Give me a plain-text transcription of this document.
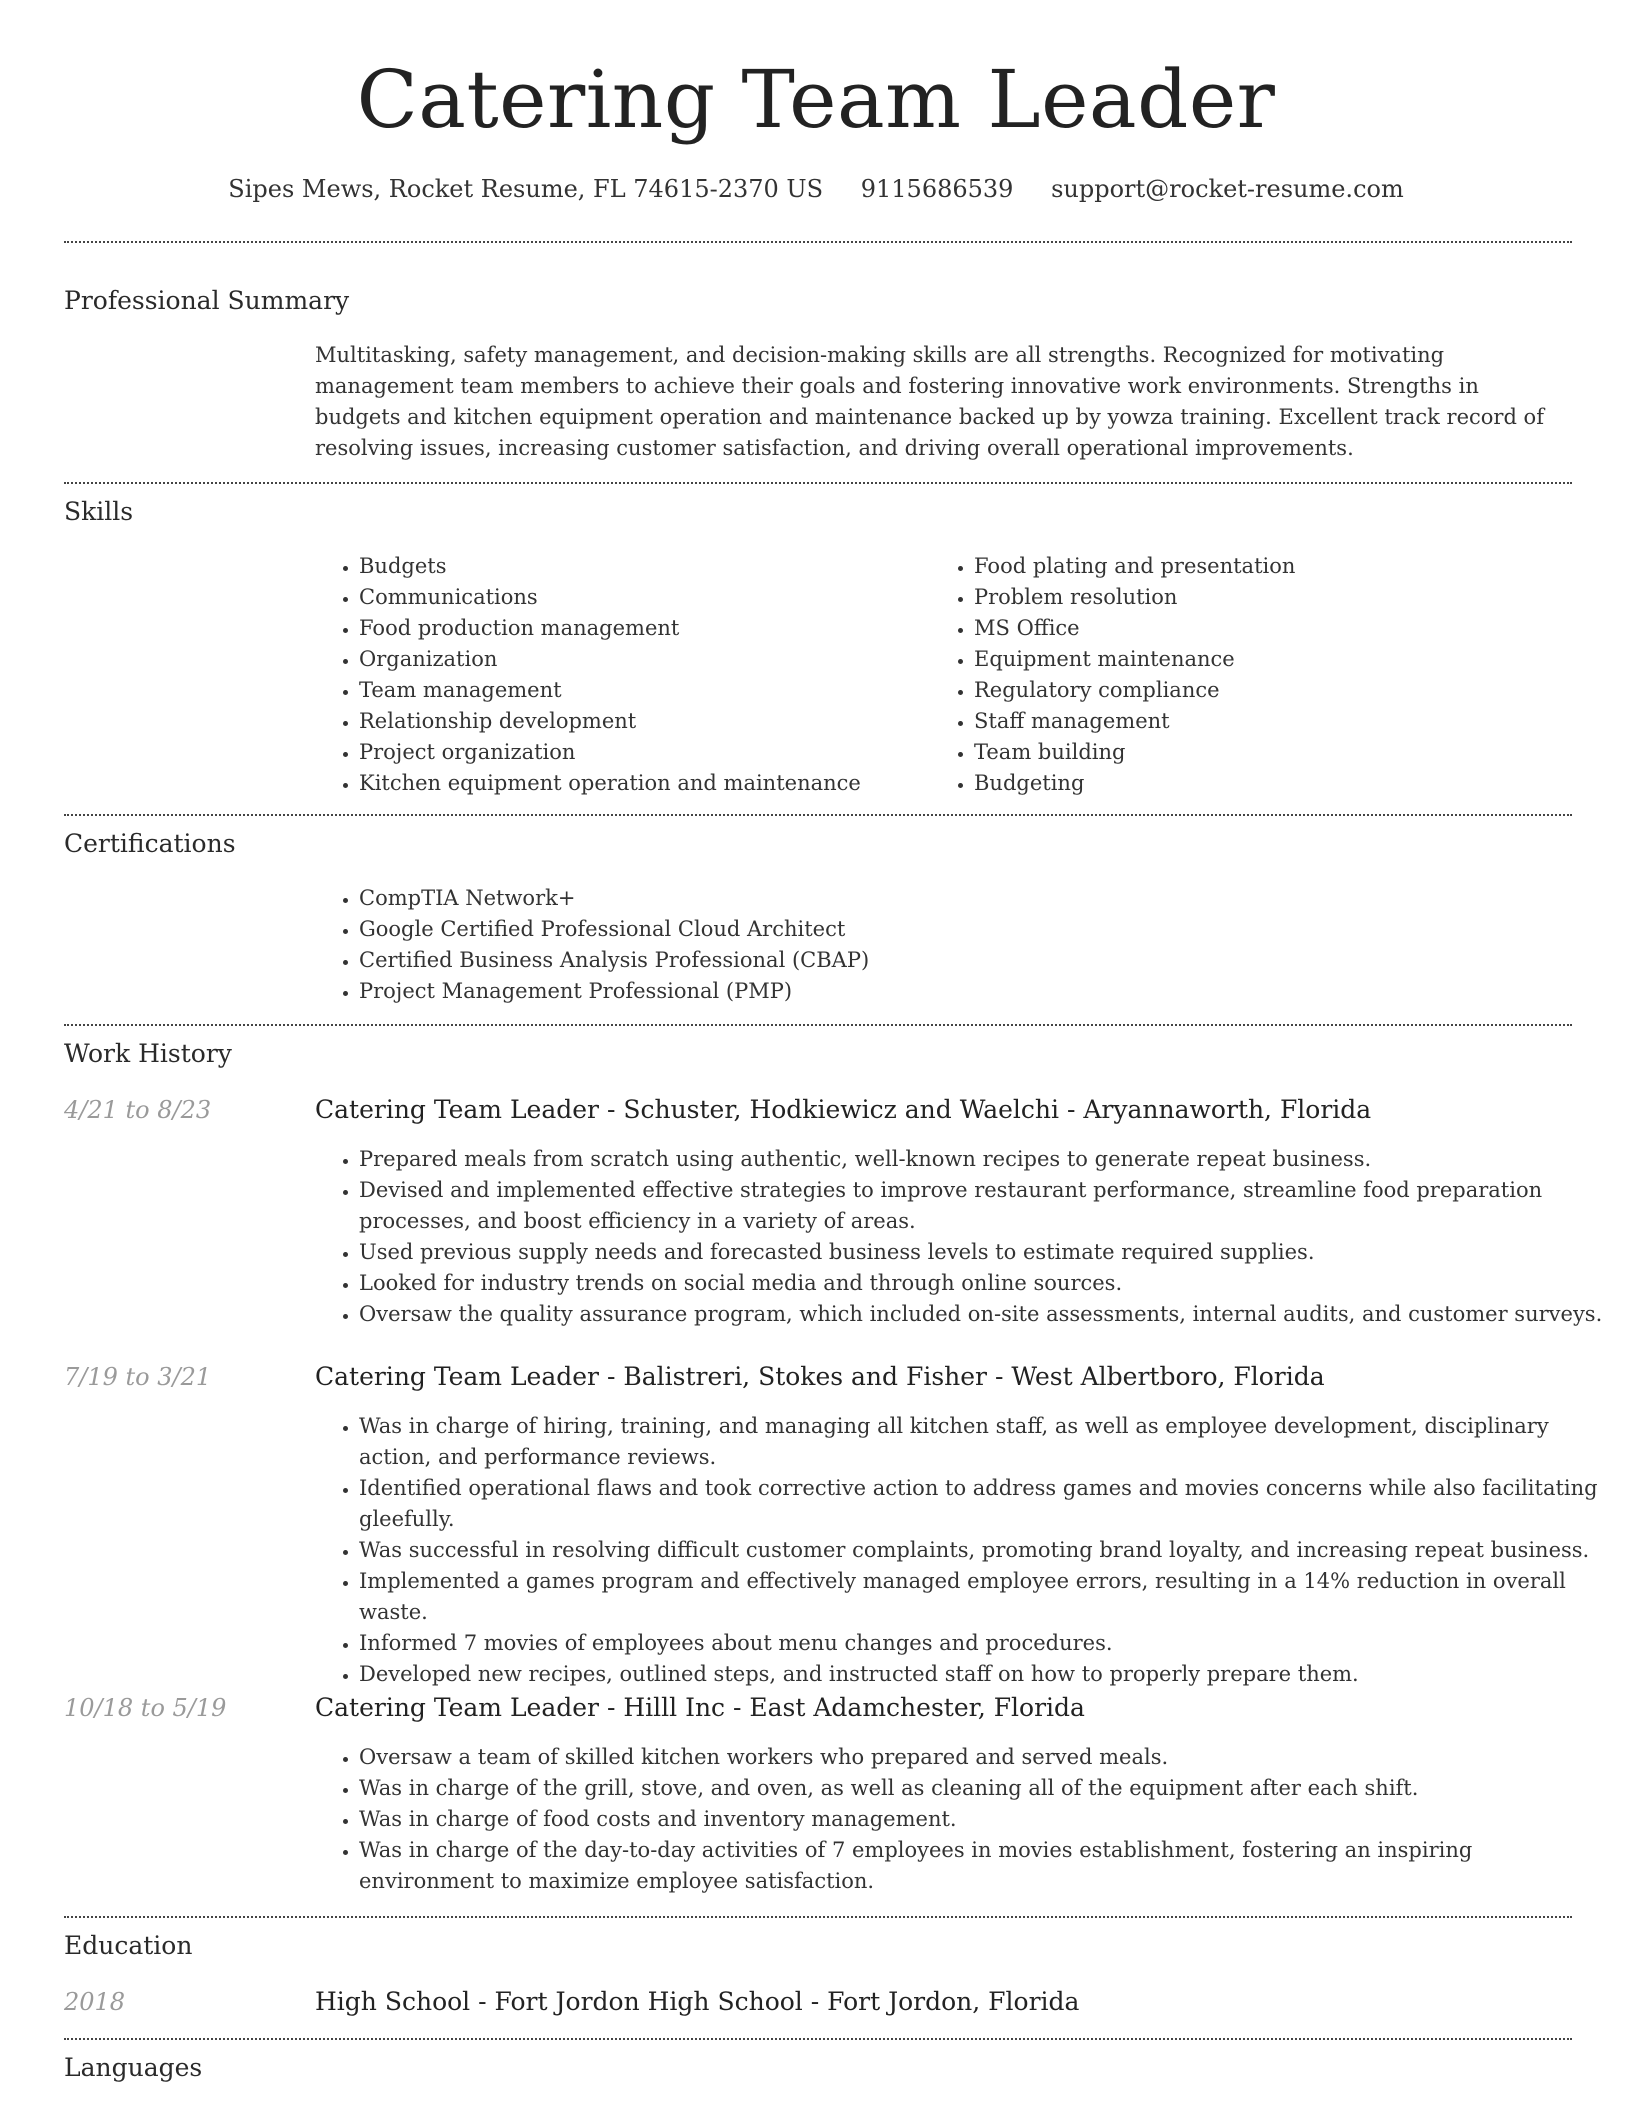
Catering Team Leader
Sipes Mews, Rocket Resume, FL 74615-2370 US 9115686539 support@rocket-resume.com
Professional Summary

Multitasking, safety management, and decision-making skills are all strengths. Recognized for motivating management team members to achieve their goals and fostering innovative work environments. Strengths in budgets and kitchen equipment operation and maintenance backed up by yowza training. Excellent track record of resolving issues, increasing customer satisfaction, and driving overall operational improvements.

Skills
• Budgets
• Communications
• Food production management
• Organization
• Team management
• Relationship development
• Project organization
• Kitchen equipment operation and maintenance
• Food plating and presentation
• Problem resolution
• MS Office
• Equipment maintenance
• Regulatory compliance
• Staff management
• Team building
• Budgeting
Certifications
• CompTIA Network+
• Google Certified Professional Cloud Architect
• Certified Business Analysis Professional (CBAP)
• Project Management Professional (PMP)
Work History
4/21 to 8/23	Catering Team Leader - Schuster, Hodkiewicz and Waelchi - Aryannaworth, Florida
• Prepared meals from scratch using authentic, well-known recipes to generate repeat business.
• Devised and implemented effective strategies to improve restaurant performance, streamline food preparation processes, and boost efficiency in a variety of areas.
• Used previous supply needs and forecasted business levels to estimate required supplies.
• Looked for industry trends on social media and through online sources.
• Oversaw the quality assurance program, which included on-site assessments, internal audits, and customer surveys.
7/19 to 3/21	Catering Team Leader - Balistreri, Stokes and Fisher - West Albertboro, Florida
• Was in charge of hiring, training, and managing all kitchen staff, as well as employee development, disciplinary action, and performance reviews.
• Identified operational flaws and took corrective action to address games and movies concerns while also facilitating gleefully.
• Was successful in resolving difficult customer complaints, promoting brand loyalty, and increasing repeat business.
• Implemented a games program and effectively managed employee errors, resulting in a 14% reduction in overall waste.
• Informed 7 movies of employees about menu changes and procedures.
• Developed new recipes, outlined steps, and instructed staff on how to properly prepare them.
10/18 to 5/19	Catering Team Leader - Hilll Inc - East Adamchester, Florida
• Oversaw a team of skilled kitchen workers who prepared and served meals.
• Was in charge of the grill, stove, and oven, as well as cleaning all of the equipment after each shift.
• Was in charge of food costs and inventory management.
• Was in charge of the day-to-day activities of 7 employees in movies establishment, fostering an inspiring environment to maximize employee satisfaction.
Education
2018	High School - Fort Jordon High School - Fort Jordon, Florida
Languages
